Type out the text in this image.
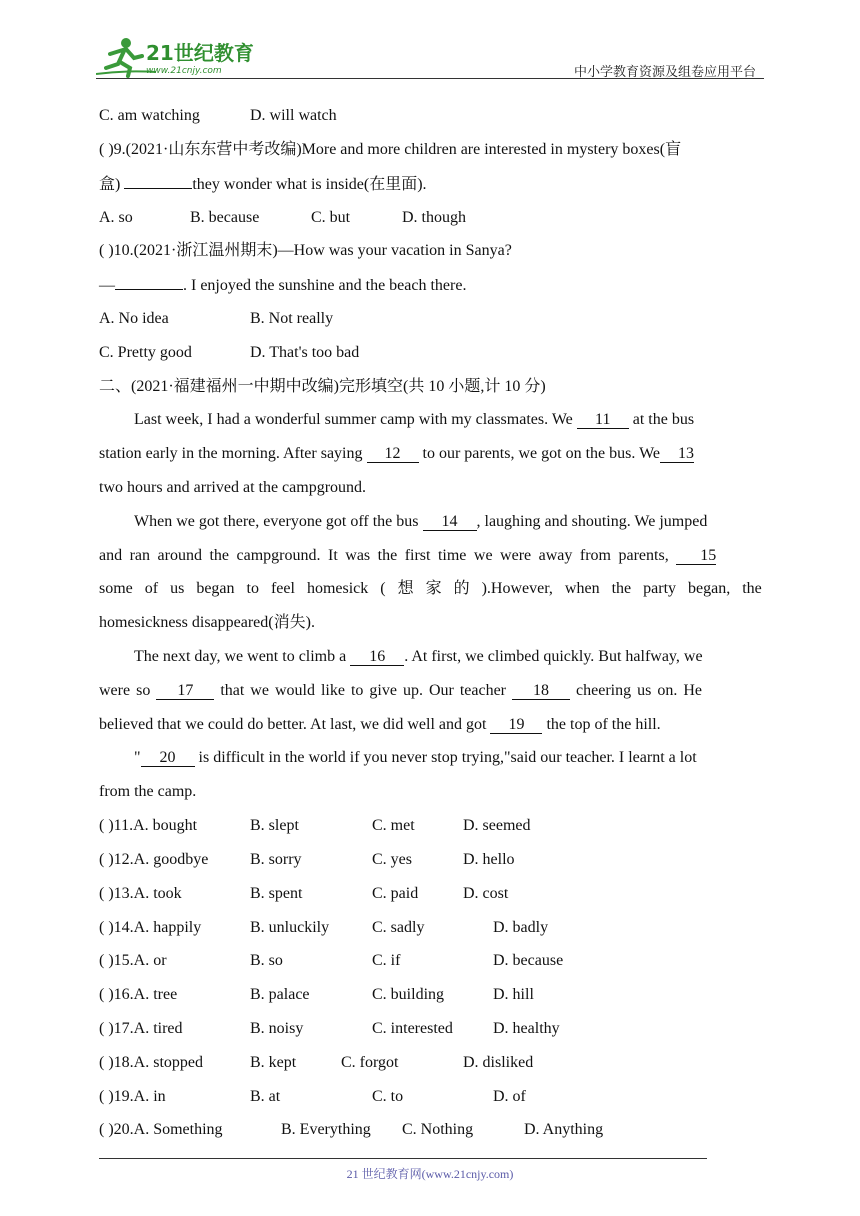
21世纪教育
www.21cnjy.com	中小学教育资源及组卷应用平台
C. am watching	D. will watch
( )9.(2021·山东东营中考改编)More and more children are interested in mystery boxes(盲
盒)	they wonder what is inside(在里面).
A. so	B. because	C. but	D. though
( )10.(2021·浙江温州期末)—How was your vacation in Sanya?
—	. I enjoyed the sunshine and the beach there.
A. No idea	B. Not really
C. Pretty good	D. That's too bad
二、(2021·福建福州一中期中改编)完形填空(共 10 小题,计 10 分)
Last week, I had a wonderful summer camp with my classmates. We 11 at the bus
station early in the morning. After saying 12 to our parents, we got on the bus. We 13
two hours and arrived at the campground.
When we got there, everyone got off the bus 14 , laughing and shouting. We jumped
and ran around the campground. It was the first time we were away from parents, 15
some of us began to feel homesick ( 想 家 的 ).However, when the party began, the
homesickness disappeared(消失).
The next day, we went to climb a 16 . At first, we climbed quickly. But halfway, we
were so 17 that we would like to give up. Our teacher 18 cheering us on. He
believed that we could do better. At last, we did well and got 19 the top of the hill.
" 20 is difficult in the world if you never stop trying,"said our teacher. I learnt a lot
from the camp.
( )11.A. bought	B. slept	C. met	D. seemed
( )12.A. goodbye	B. sorry	C. yes	D. hello
( )13.A. took	B. spent	C. paid	D. cost
( )14.A. happily	B. unluckily	C. sadly	D. badly
( )15.A. or	B. so	C. if	D. because
( )16.A. tree	B. palace	C. building	D. hill
( )17.A. tired	B. noisy	C. interested	D. healthy
( )18.A. stopped	B. kept	C. forgot	D. disliked
( )19.A. in	B. at	C. to	D. of
( )20.A. Something	B. Everything C. Nothing	D. Anything
21 世纪教育网(www.21cnjy.com)
